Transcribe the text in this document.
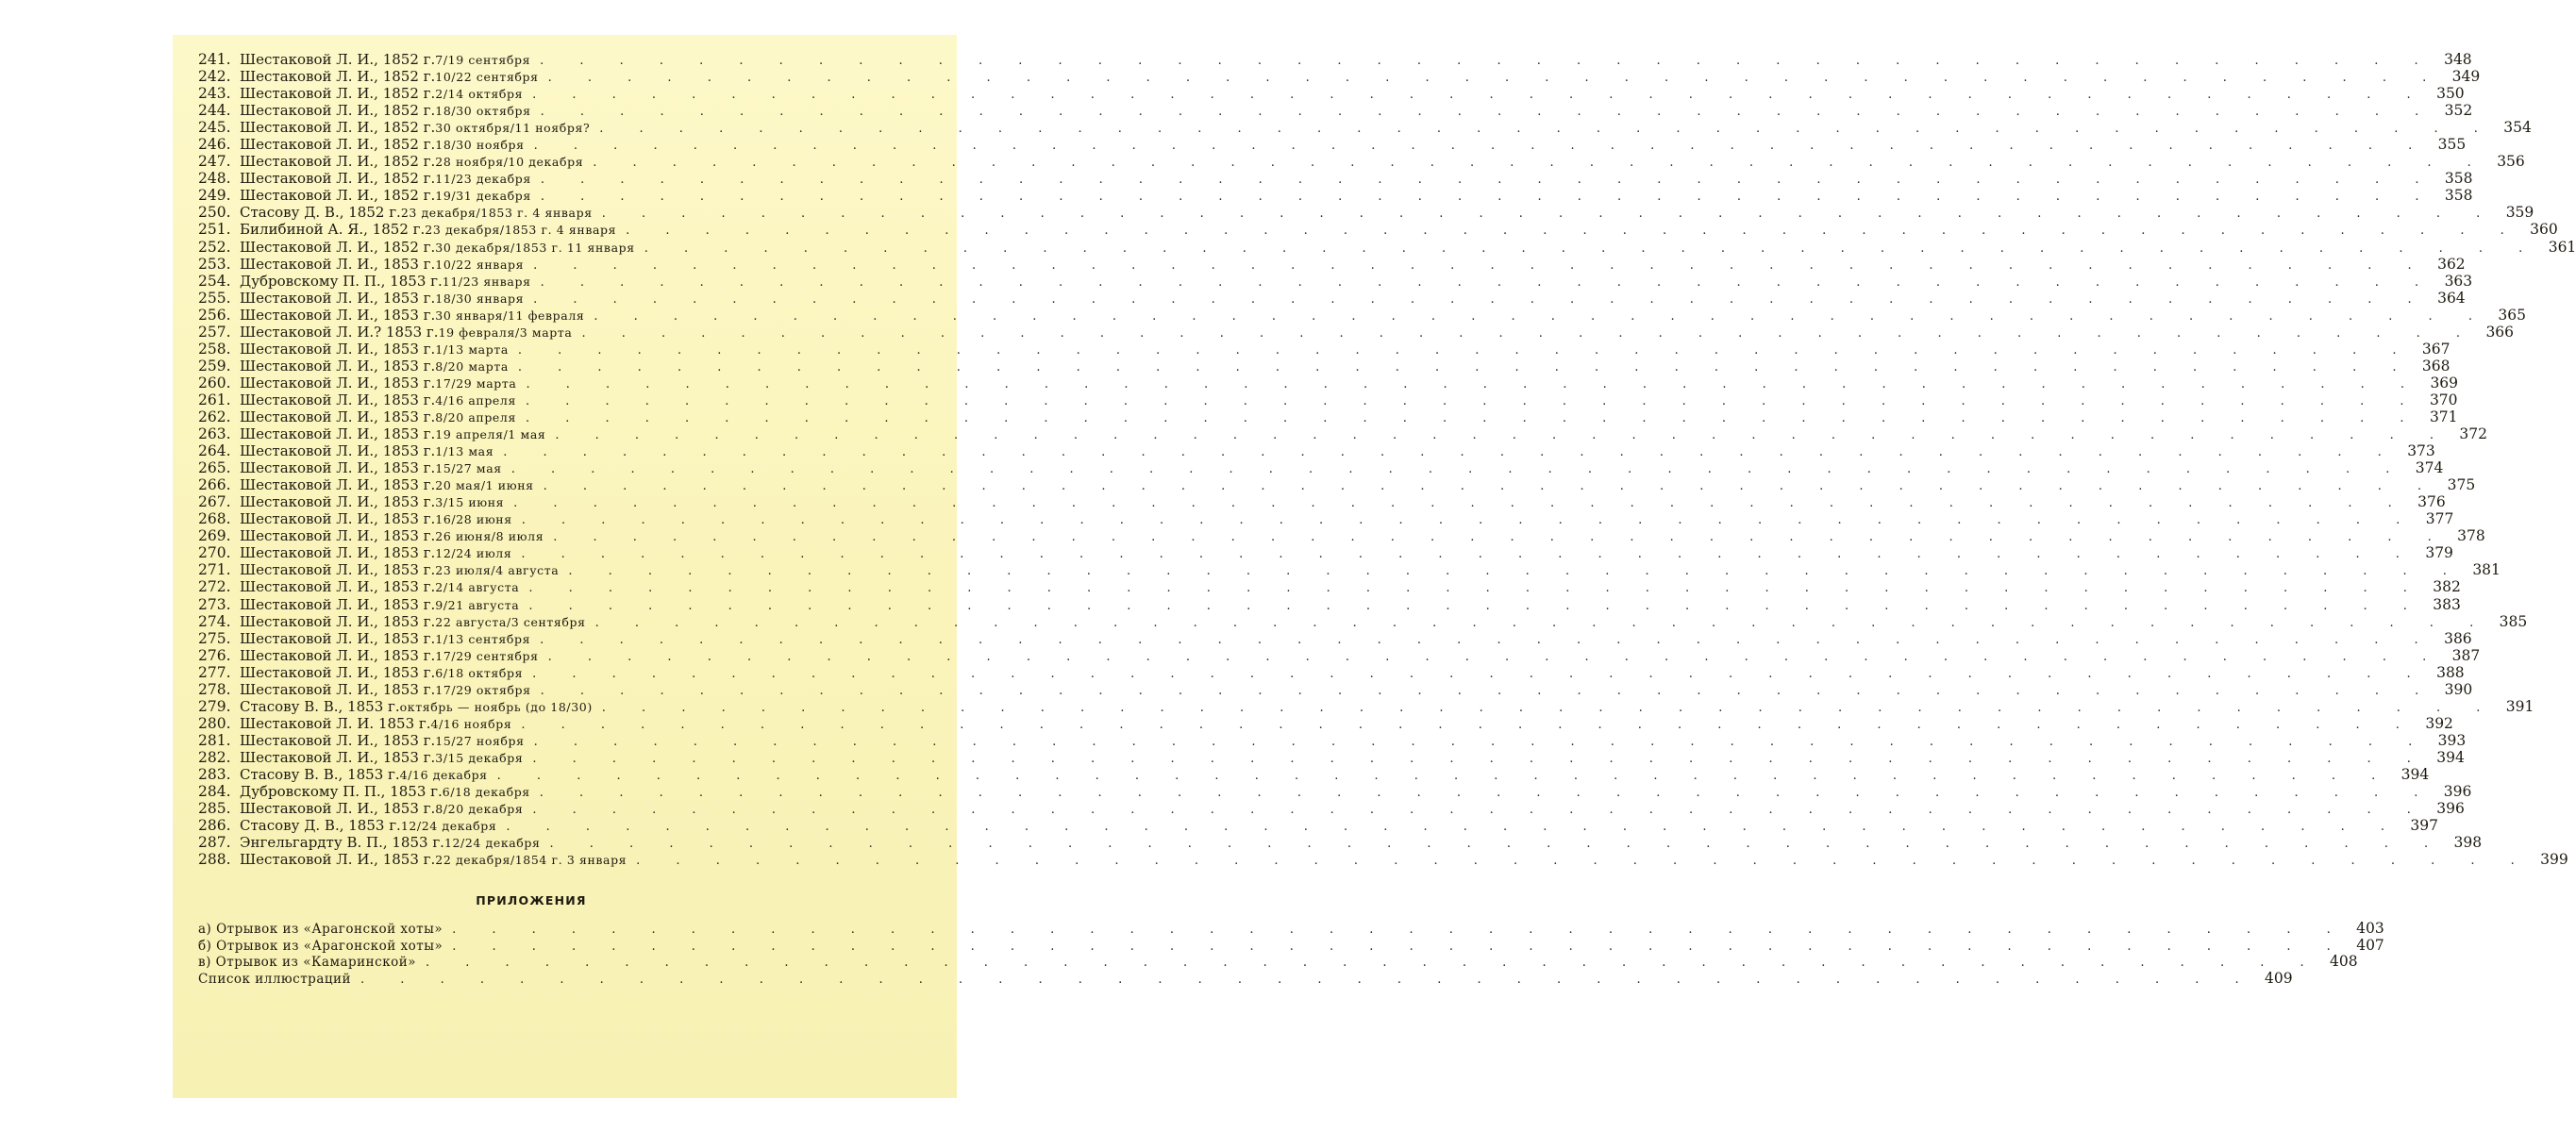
241. Шестаковой Л. И., 1852 г. 7/19 сентября . . . . . . . . . . . . . . . . . . . . . . . . . . . . . . . . . . . . . . . . . . . . . . . . 348
242. Шестаковой Л. И., 1852 г. 10/22 сентября . . . . . . . . . . . . . . . . . . . . . . . . . . . . . . . . . . . . . . . . . . . . . . . . 349
243. Шестаковой Л. И., 1852 г. 2/14 октября . . . . . . . . . . . . . . . . . . . . . . . . . . . . . . . . . . . . . . . . . . . . . . . . 350
244. Шестаковой Л. И., 1852 г. 18/30 октября . . . . . . . . . . . . . . . . . . . . . . . . . . . . . . . . . . . . . . . . . . . . . . . . 352
245. Шестаковой Л. И., 1852 г. 30 октября/11 ноября? . . . . . . . . . . . . . . . . . . . . . . . . . . . . . . . . . . . . . . . . . . . . . . . . 354
246. Шестаковой Л. И., 1852 г. 18/30 ноября . . . . . . . . . . . . . . . . . . . . . . . . . . . . . . . . . . . . . . . . . . . . . . . . 355
247. Шестаковой Л. И., 1852 г. 28 ноября/10 декабря . . . . . . . . . . . . . . . . . . . . . . . . . . . . . . . . . . . . . . . . . . . . . . . . 356
248. Шестаковой Л. И., 1852 г. 11/23 декабря . . . . . . . . . . . . . . . . . . . . . . . . . . . . . . . . . . . . . . . . . . . . . . . . 358
249. Шестаковой Л. И., 1852 г. 19/31 декабря . . . . . . . . . . . . . . . . . . . . . . . . . . . . . . . . . . . . . . . . . . . . . . . . 358
250. Стасову Д. В., 1852 г. 23 декабря/1853 г. 4 января . . . . . . . . . . . . . . . . . . . . . . . . . . . . . . . . . . . . . . . . . . . . . . . . 359
251. Билибиной А. Я., 1852 г. 23 декабря/1853 г. 4 января . . . . . . . . . . . . . . . . . . . . . . . . . . . . . . . . . . . . . . . . . . . . . . . . 360
252. Шестаковой Л. И., 1852 г. 30 декабря/1853 г. 11 января . . . . . . . . . . . . . . . . . . . . . . . . . . . . . . . . . . . . . . . . . . . . . . . . 361
253. Шестаковой Л. И., 1853 г. 10/22 января . . . . . . . . . . . . . . . . . . . . . . . . . . . . . . . . . . . . . . . . . . . . . . . . 362
254. Дубровскому П. П., 1853 г. 11/23 января . . . . . . . . . . . . . . . . . . . . . . . . . . . . . . . . . . . . . . . . . . . . . . . . 363
255. Шестаковой Л. И., 1853 г. 18/30 января . . . . . . . . . . . . . . . . . . . . . . . . . . . . . . . . . . . . . . . . . . . . . . . . 364
256. Шестаковой Л. И., 1853 г. 30 января/11 февраля . . . . . . . . . . . . . . . . . . . . . . . . . . . . . . . . . . . . . . . . . . . . . . . . 365
257. Шестаковой Л. И.? 1853 г. 19 февраля/3 марта . . . . . . . . . . . . . . . . . . . . . . . . . . . . . . . . . . . . . . . . . . . . . . . . 366
258. Шестаковой Л. И., 1853 г. 1/13 марта . . . . . . . . . . . . . . . . . . . . . . . . . . . . . . . . . . . . . . . . . . . . . . . . 367
259. Шестаковой Л. И., 1853 г. 8/20 марта . . . . . . . . . . . . . . . . . . . . . . . . . . . . . . . . . . . . . . . . . . . . . . . . 368
260. Шестаковой Л. И., 1853 г. 17/29 марта . . . . . . . . . . . . . . . . . . . . . . . . . . . . . . . . . . . . . . . . . . . . . . . . 369
261. Шестаковой Л. И., 1853 г. 4/16 апреля . . . . . . . . . . . . . . . . . . . . . . . . . . . . . . . . . . . . . . . . . . . . . . . . 370
262. Шестаковой Л. И., 1853 г. 8/20 апреля . . . . . . . . . . . . . . . . . . . . . . . . . . . . . . . . . . . . . . . . . . . . . . . . 371
263. Шестаковой Л. И., 1853 г. 19 апреля/1 мая . . . . . . . . . . . . . . . . . . . . . . . . . . . . . . . . . . . . . . . . . . . . . . . . 372
264. Шестаковой Л. И., 1853 г. 1/13 мая . . . . . . . . . . . . . . . . . . . . . . . . . . . . . . . . . . . . . . . . . . . . . . . . 373
265. Шестаковой Л. И., 1853 г. 15/27 мая . . . . . . . . . . . . . . . . . . . . . . . . . . . . . . . . . . . . . . . . . . . . . . . . 374
266. Шестаковой Л. И., 1853 г. 20 мая/1 июня . . . . . . . . . . . . . . . . . . . . . . . . . . . . . . . . . . . . . . . . . . . . . . . . 375
267. Шестаковой Л. И., 1853 г. 3/15 июня . . . . . . . . . . . . . . . . . . . . . . . . . . . . . . . . . . . . . . . . . . . . . . . . 376
268. Шестаковой Л. И., 1853 г. 16/28 июня . . . . . . . . . . . . . . . . . . . . . . . . . . . . . . . . . . . . . . . . . . . . . . . . 377
269. Шестаковой Л. И., 1853 г. 26 июня/8 июля . . . . . . . . . . . . . . . . . . . . . . . . . . . . . . . . . . . . . . . . . . . . . . . . 378
270. Шестаковой Л. И., 1853 г. 12/24 июля . . . . . . . . . . . . . . . . . . . . . . . . . . . . . . . . . . . . . . . . . . . . . . . . 379
271. Шестаковой Л. И., 1853 г. 23 июля/4 августа . . . . . . . . . . . . . . . . . . . . . . . . . . . . . . . . . . . . . . . . . . . . . . . . 381
272. Шестаковой Л. И., 1853 г. 2/14 августа . . . . . . . . . . . . . . . . . . . . . . . . . . . . . . . . . . . . . . . . . . . . . . . . 382
273. Шестаковой Л. И., 1853 г. 9/21 августа . . . . . . . . . . . . . . . . . . . . . . . . . . . . . . . . . . . . . . . . . . . . . . . . 383
274. Шестаковой Л. И., 1853 г. 22 августа/3 сентября . . . . . . . . . . . . . . . . . . . . . . . . . . . . . . . . . . . . . . . . . . . . . . . . 385
275. Шестаковой Л. И., 1853 г. 1/13 сентября . . . . . . . . . . . . . . . . . . . . . . . . . . . . . . . . . . . . . . . . . . . . . . . . 386
276. Шестаковой Л. И., 1853 г. 17/29 сентября . . . . . . . . . . . . . . . . . . . . . . . . . . . . . . . . . . . . . . . . . . . . . . . . 387
277. Шестаковой Л. И., 1853 г. 6/18 октября . . . . . . . . . . . . . . . . . . . . . . . . . . . . . . . . . . . . . . . . . . . . . . . . 388
278. Шестаковой Л. И., 1853 г. 17/29 октября . . . . . . . . . . . . . . . . . . . . . . . . . . . . . . . . . . . . . . . . . . . . . . . . 390
279. Стасову В. В., 1853 г. октябрь — ноябрь (до 18/30) . . . . . . . . . . . . . . . . . . . . . . . . . . . . . . . . . . . . . . . . . . . . . . . . 391
280. Шестаковой Л. И. 1853 г. 4/16 ноября . . . . . . . . . . . . . . . . . . . . . . . . . . . . . . . . . . . . . . . . . . . . . . . . 392
281. Шестаковой Л. И., 1853 г. 15/27 ноября . . . . . . . . . . . . . . . . . . . . . . . . . . . . . . . . . . . . . . . . . . . . . . . . 393
282. Шестаковой Л. И., 1853 г. 3/15 декабря . . . . . . . . . . . . . . . . . . . . . . . . . . . . . . . . . . . . . . . . . . . . . . . . 394
283. Стасову В. В., 1853 г. 4/16 декабря . . . . . . . . . . . . . . . . . . . . . . . . . . . . . . . . . . . . . . . . . . . . . . . . 394
284. Дубровскому П. П., 1853 г. 6/18 декабря . . . . . . . . . . . . . . . . . . . . . . . . . . . . . . . . . . . . . . . . . . . . . . . . 396
285. Шестаковой Л. И., 1853 г. 8/20 декабря . . . . . . . . . . . . . . . . . . . . . . . . . . . . . . . . . . . . . . . . . . . . . . . . 396
286. Стасову Д. В., 1853 г. 12/24 декабря . . . . . . . . . . . . . . . . . . . . . . . . . . . . . . . . . . . . . . . . . . . . . . . . 397
287. Энгельгардту В. П., 1853 г. 12/24 декабря . . . . . . . . . . . . . . . . . . . . . . . . . . . . . . . . . . . . . . . . . . . . . . . . 398
288. Шестаковой Л. И., 1853 г. 22 декабря/1854 г. 3 января . . . . . . . . . . . . . . . . . . . . . . . . . . . . . . . . . . . . . . . . . . . . . . . . 399
ПРИЛОЖЕНИЯ
а) Отрывок из «Арагонской хоты» . . . . . . . . . . . . . . . . . . . . . . . . . . . . . . . . . . . . . . . . . . . . . . . . 403
б) Отрывок из «Арагонской хоты» . . . . . . . . . . . . . . . . . . . . . . . . . . . . . . . . . . . . . . . . . . . . . . . . 407
в) Отрывок из «Камаринской» . . . . . . . . . . . . . . . . . . . . . . . . . . . . . . . . . . . . . . . . . . . . . . . . 408
Список иллюстраций . . . . . . . . . . . . . . . . . . . . . . . . . . . . . . . . . . . . . . . . . . . . . . . . 409
